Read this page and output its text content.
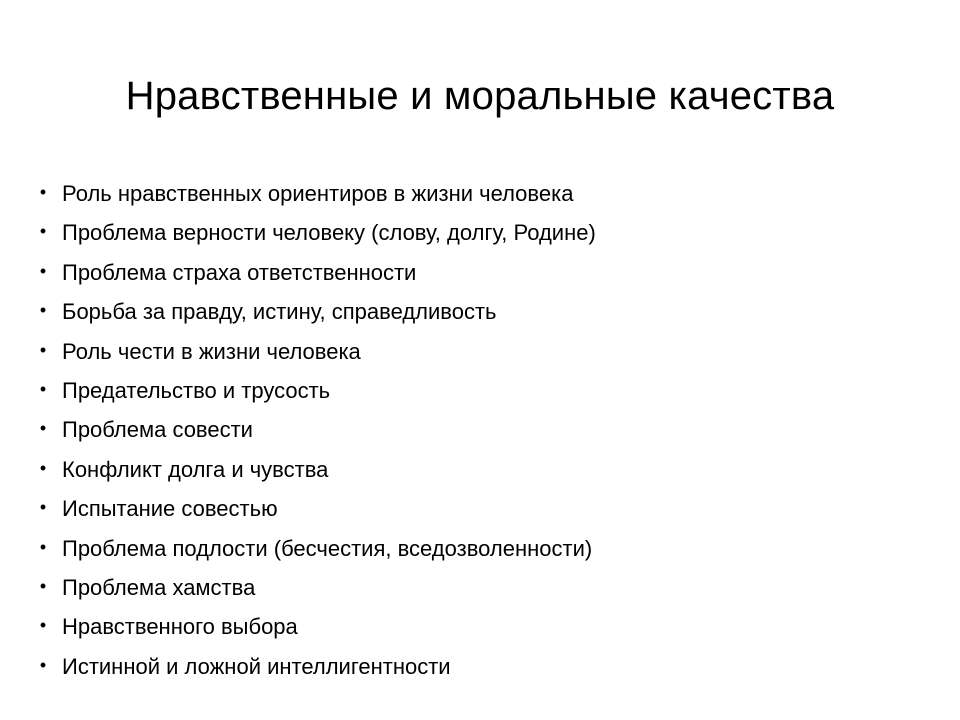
Нравственные и моральные качества
• Роль нравственных ориентиров в жизни человека
• Проблема верности человеку (слову, долгу, Родине)
• Проблема страха ответственности
• Борьба за правду, истину, справедливость
• Роль чести в жизни человека
• Предательство и трусость
• Проблема совести
• Конфликт долга и чувства
• Испытание совестью
• Проблема подлости (бесчестия, вседозволенности)
• Проблема хамства
• Нравственного выбора
• Истинной и ложной интеллигентности
